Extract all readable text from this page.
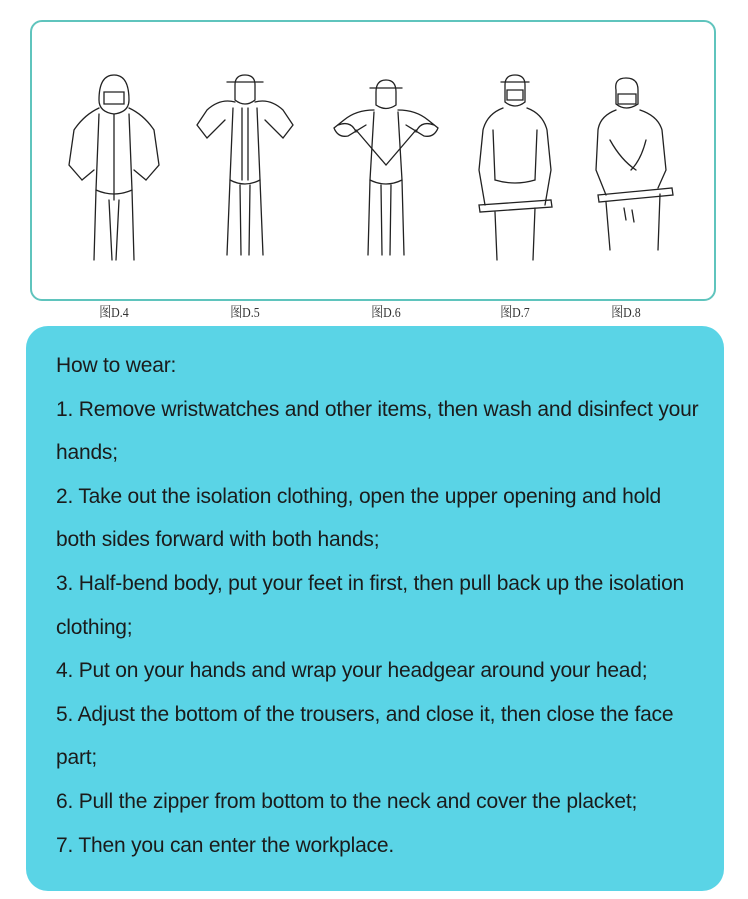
图D.4	图D.5	图D.6	图D.7	图D.8

How to wear:

1. Remove wristwatches and other items, then wash and disinfect your hands;

2. Take out the isolation clothing, open the upper opening and hold both sides forward with both hands;

3. Half-bend body, put your feet in first, then pull back up the isolation clothing;

4. Put on your hands and wrap your headgear around your head;

5. Adjust the bottom of the trousers, and close it, then close the face part;

6. Pull the zipper from bottom to the neck and cover the placket;

7. Then you can enter the workplace.
